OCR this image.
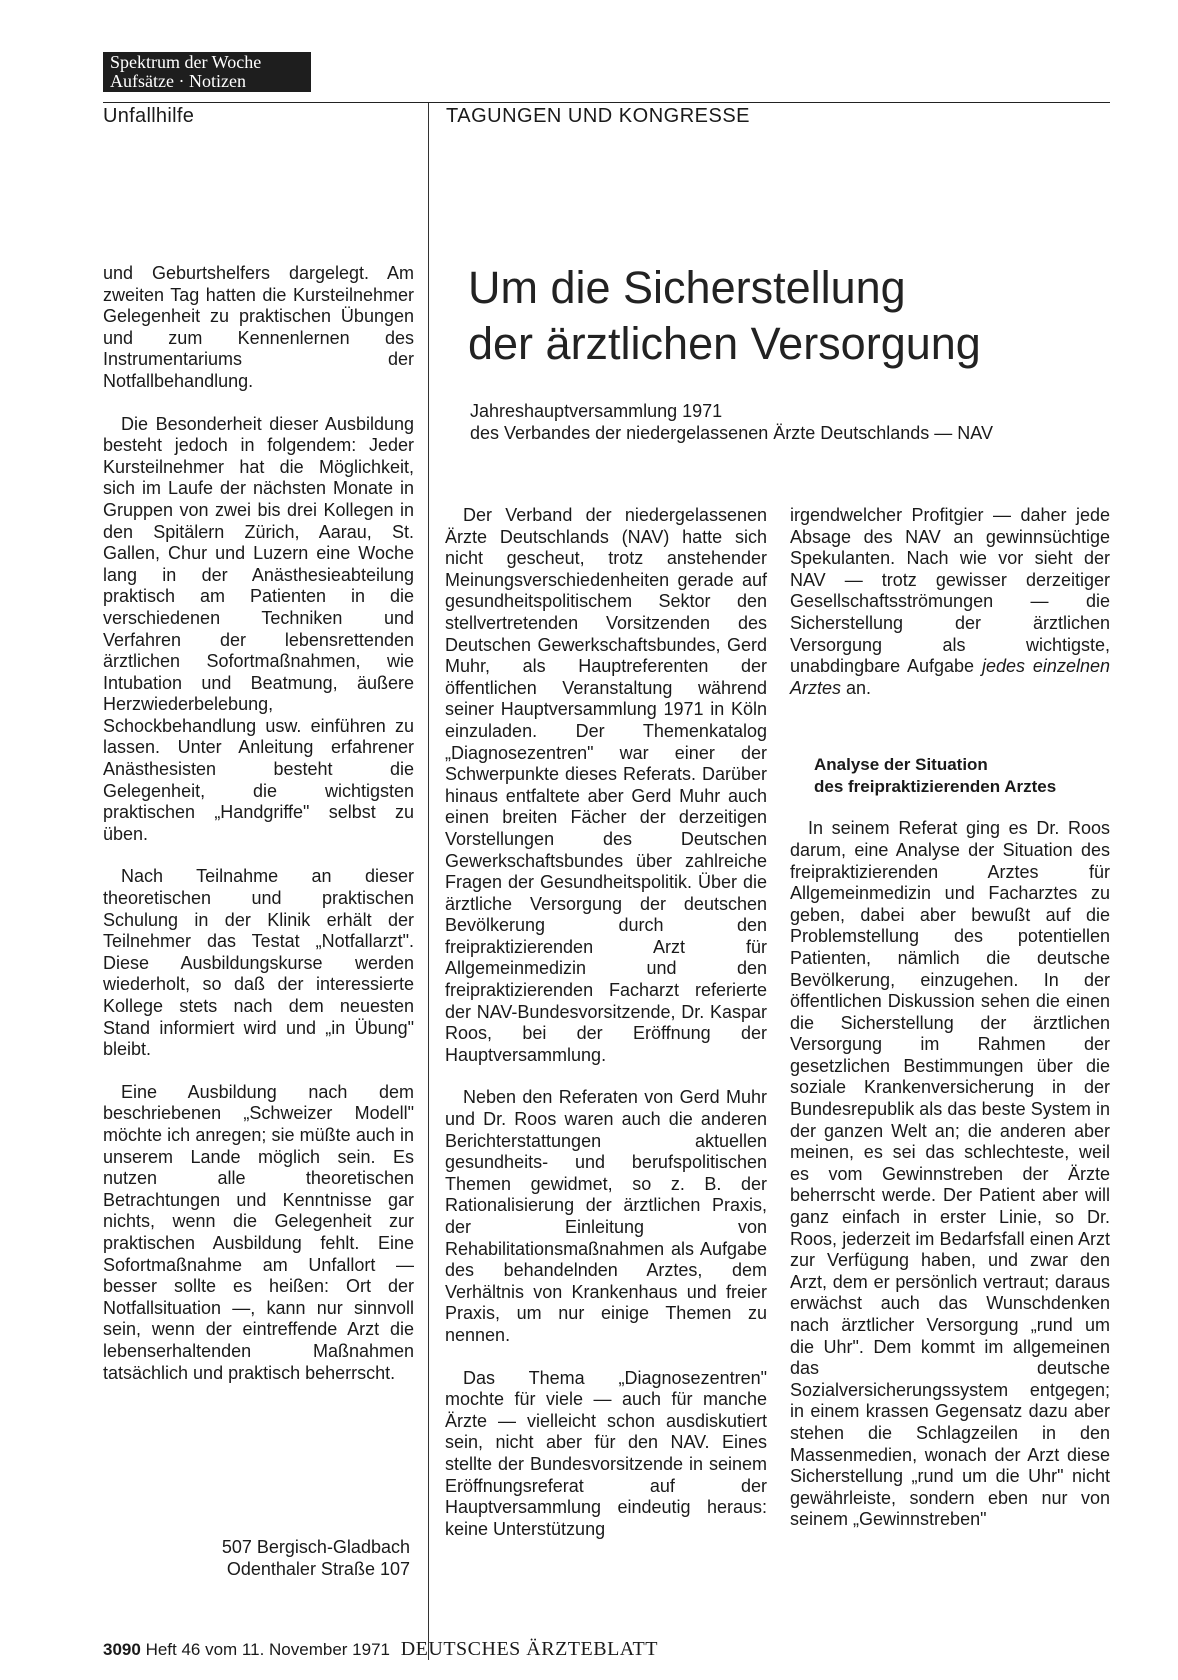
Spektrum der Woche
Aufsätze · Notizen
Unfallhilfe	TAGUNGEN UND KONGRESSE

und Geburtshelfers dargelegt. Am zweiten Tag hatten die Kursteilnehmer Gelegenheit zu praktischen Übungen und zum Kennenlernen des Instrumentariums der Notfallbehandlung.

Die Besonderheit dieser Ausbildung besteht jedoch in folgendem: Jeder Kursteilnehmer hat die Möglichkeit, sich im Laufe der nächsten Monate in Gruppen von zwei bis drei Kollegen in den Spitälern Zürich, Aarau, St. Gallen, Chur und Luzern eine Woche lang in der Anästhesieabteilung praktisch am Patienten in die verschiedenen Techniken und Verfahren der lebensrettenden ärztlichen Sofortmaßnahmen, wie Intubation und Beatmung, äußere Herzwiederbelebung, Schockbehandlung usw. einführen zu lassen. Unter Anleitung erfahrener Anästhesisten besteht die Gelegenheit, die wichtigsten praktischen „Handgriffe" selbst zu üben.

Nach Teilnahme an dieser theoretischen und praktischen Schulung in der Klinik erhält der Teilnehmer das Testat „Notfallarzt". Diese Ausbildungskurse werden wiederholt, so daß der interessierte Kollege stets nach dem neuesten Stand informiert wird und „in Übung" bleibt.

Eine Ausbildung nach dem beschriebenen „Schweizer Modell" möchte ich anregen; sie müßte auch in unserem Lande möglich sein. Es nutzen alle theoretischen Betrachtungen und Kenntnisse gar nichts, wenn die Gelegenheit zur praktischen Ausbildung fehlt. Eine Sofortmaßnahme am Unfallort — besser sollte es heißen: Ort der Notfallsituation —, kann nur sinnvoll sein, wenn der eintreffende Arzt die lebenserhaltenden Maßnahmen tatsächlich und praktisch beherrscht.

507 Bergisch-Gladbach
Odenthaler Straße 107
Um die Sicherstellung
der ärztlichen Versorgung
Jahreshauptversammlung 1971
des Verbandes der niedergelassenen Ärzte Deutschlands — NAV

Der Verband der niedergelassenen Ärzte Deutschlands (NAV) hatte sich nicht gescheut, trotz anstehender Meinungsverschiedenheiten gerade auf gesundheitspolitischem Sektor den stellvertretenden Vorsitzenden des Deutschen Gewerkschaftsbundes, Gerd Muhr, als Hauptreferenten der öffentlichen Veranstaltung während seiner Hauptversammlung 1971 in Köln einzuladen. Der Themenkatalog „Diagnosezentren" war einer der Schwerpunkte dieses Referats. Darüber hinaus entfaltete aber Gerd Muhr auch einen breiten Fächer der derzeitigen Vorstellungen des Deutschen Gewerkschaftsbundes über zahlreiche Fragen der Gesundheitspolitik. Über die ärztliche Versorgung der deutschen Bevölkerung durch den freipraktizierenden Arzt für Allgemeinmedizin und den freipraktizierenden Facharzt referierte der NAV-Bundesvorsitzende, Dr. Kaspar Roos, bei der Eröffnung der Hauptversammlung.

Neben den Referaten von Gerd Muhr und Dr. Roos waren auch die anderen Berichterstattungen aktuellen gesundheits- und berufspolitischen Themen gewidmet, so z. B. der Rationalisierung der ärztlichen Praxis, der Einleitung von Rehabilitationsmaßnahmen als Aufgabe des behandelnden Arztes, dem Verhältnis von Krankenhaus und freier Praxis, um nur einige Themen zu nennen.

Das Thema „Diagnosezentren" mochte für viele — auch für manche Ärzte — vielleicht schon ausdiskutiert sein, nicht aber für den NAV. Eines stellte der Bundesvorsitzende in seinem Eröffnungsreferat auf der Hauptversammlung eindeutig heraus: keine Unterstützung

irgendwelcher Profitgier — daher jede Absage des NAV an gewinnsüchtige Spekulanten. Nach wie vor sieht der NAV — trotz gewisser derzeitiger Gesellschaftsströmungen — die Sicherstellung der ärztlichen Versorgung als wichtigste, unabdingbare Aufgabe jedes einzelnen Arztes an.

Analyse der Situation
des freipraktizierenden Arztes

In seinem Referat ging es Dr. Roos darum, eine Analyse der Situation des freipraktizierenden Arztes für Allgemeinmedizin und Facharztes zu geben, dabei aber bewußt auf die Problemstellung des potentiellen Patienten, nämlich die deutsche Bevölkerung, einzugehen. In der öffentlichen Diskussion sehen die einen die Sicherstellung der ärztlichen Versorgung im Rahmen der gesetzlichen Bestimmungen über die soziale Krankenversicherung in der Bundesrepublik als das beste System in der ganzen Welt an; die anderen aber meinen, es sei das schlechteste, weil es vom Gewinnstreben der Ärzte beherrscht werde. Der Patient aber will ganz einfach in erster Linie, so Dr. Roos, jederzeit im Bedarfsfall einen Arzt zur Verfügung haben, und zwar den Arzt, dem er persönlich vertraut; daraus erwächst auch das Wunschdenken nach ärztlicher Versorgung „rund um die Uhr". Dem kommt im allgemeinen das deutsche Sozialversicherungssystem entgegen; in einem krassen Gegensatz dazu aber stehen die Schlagzeilen in den Massenmedien, wonach der Arzt diese Sicherstellung „rund um die Uhr" nicht gewährleiste, sondern eben nur von seinem „Gewinnstreben"

3090 Heft 46 vom 11. November 1971 DEUTSCHES ÄRZTEBLATT
